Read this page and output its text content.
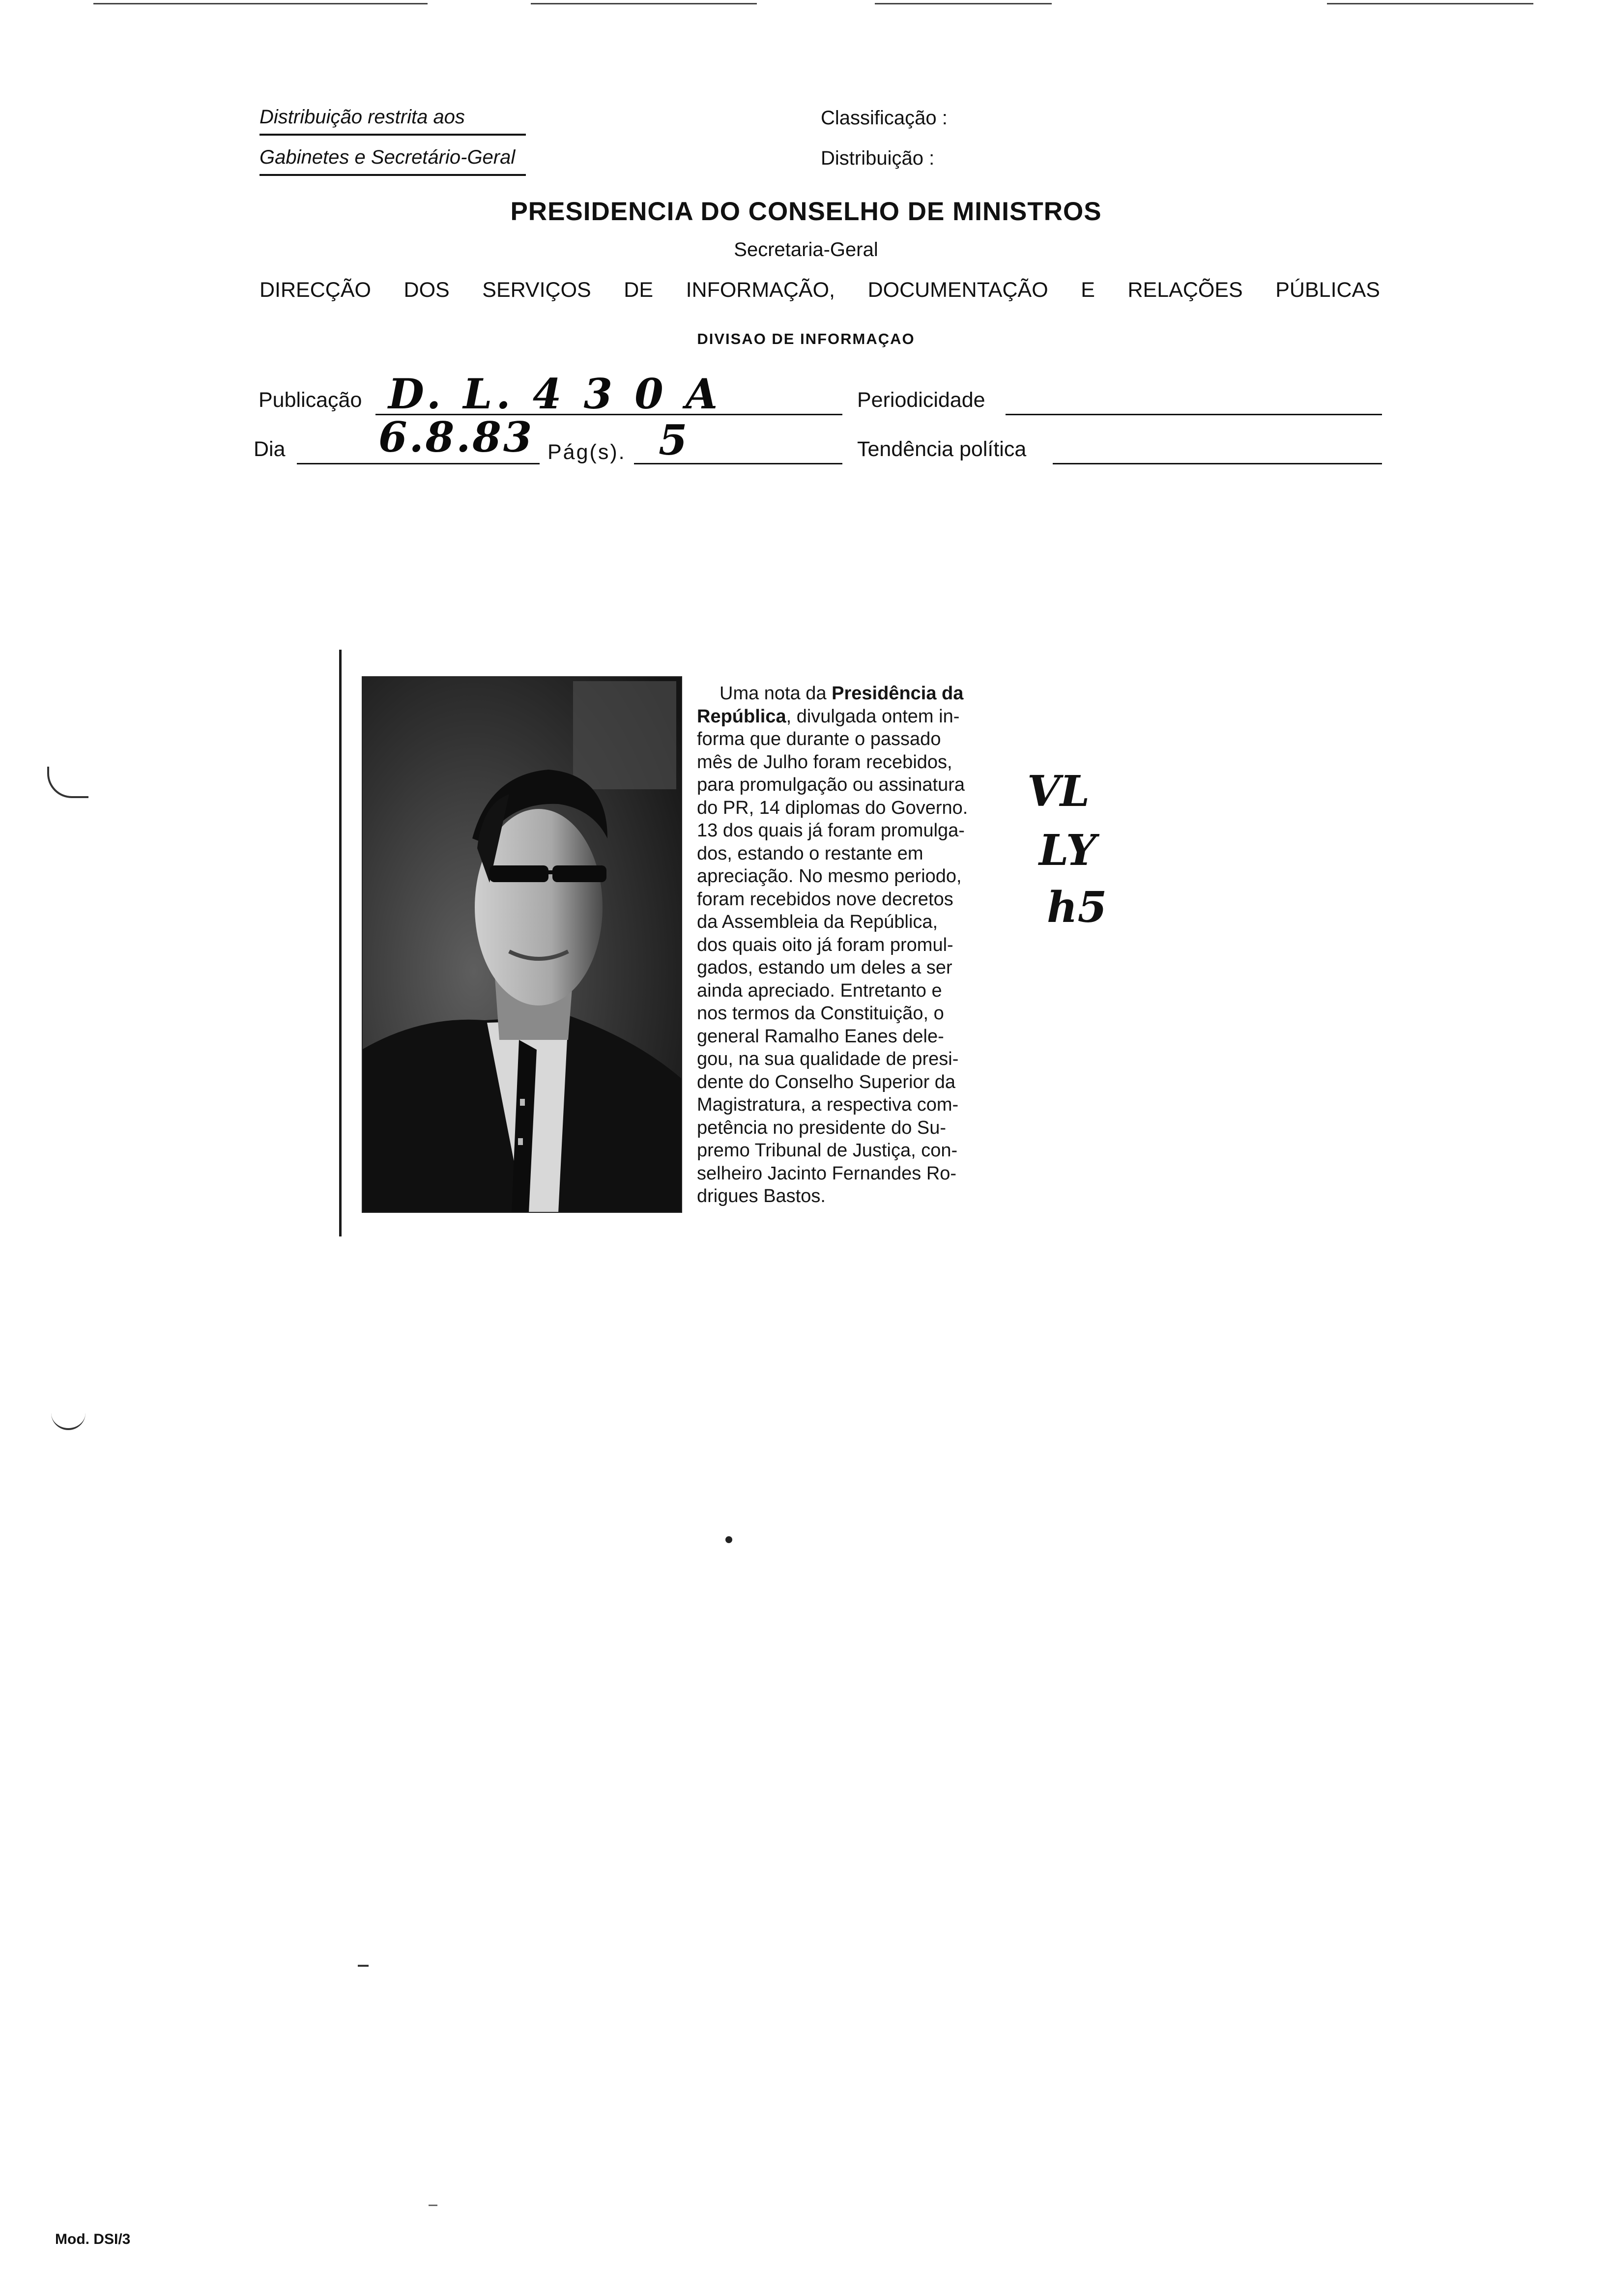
Distribuição restrita aos
Gabinetes e Secretário-Geral
Classificação :
Distribuição :
PRESIDENCIA DO CONSELHO DE MINISTROS
Secretaria-Geral
DIRECÇÃO DOS SERVIÇOS DE INFORMAÇÃO, DOCUMENTAÇÃO E RELAÇÕES PÚBLICAS
DIVISAO DE INFORMAÇAO
Publicação D. L. 4 3 0 A	Periodicidade
Dia 6.8.83 Pág(s). 5	Tendência política
Uma nota da Presidência da
República, divulgada ontem in-
forma que durante o passado
mês de Julho foram recebidos,
para promulgação ou assinatura
do PR, 14 diplomas do Governo.
13 dos quais já foram promulga-
dos, estando o restante em
apreciação. No mesmo periodo,
foram recebidos nove decretos
da Assembleia da República,
dos quais oito já foram promul-
gados, estando um deles a ser
ainda apreciado. Entretanto e
nos termos da Constituição, o
general Ramalho Eanes dele-
gou, na sua qualidade de presi-
dente do Conselho Superior da
Magistratura, a respectiva com-
petência no presidente do Su-
premo Tribunal de Justiça, con-
selheiro Jacinto Fernandes Ro-
drigues Bastos.
VL
LY
h5
Mod. DSI/3
